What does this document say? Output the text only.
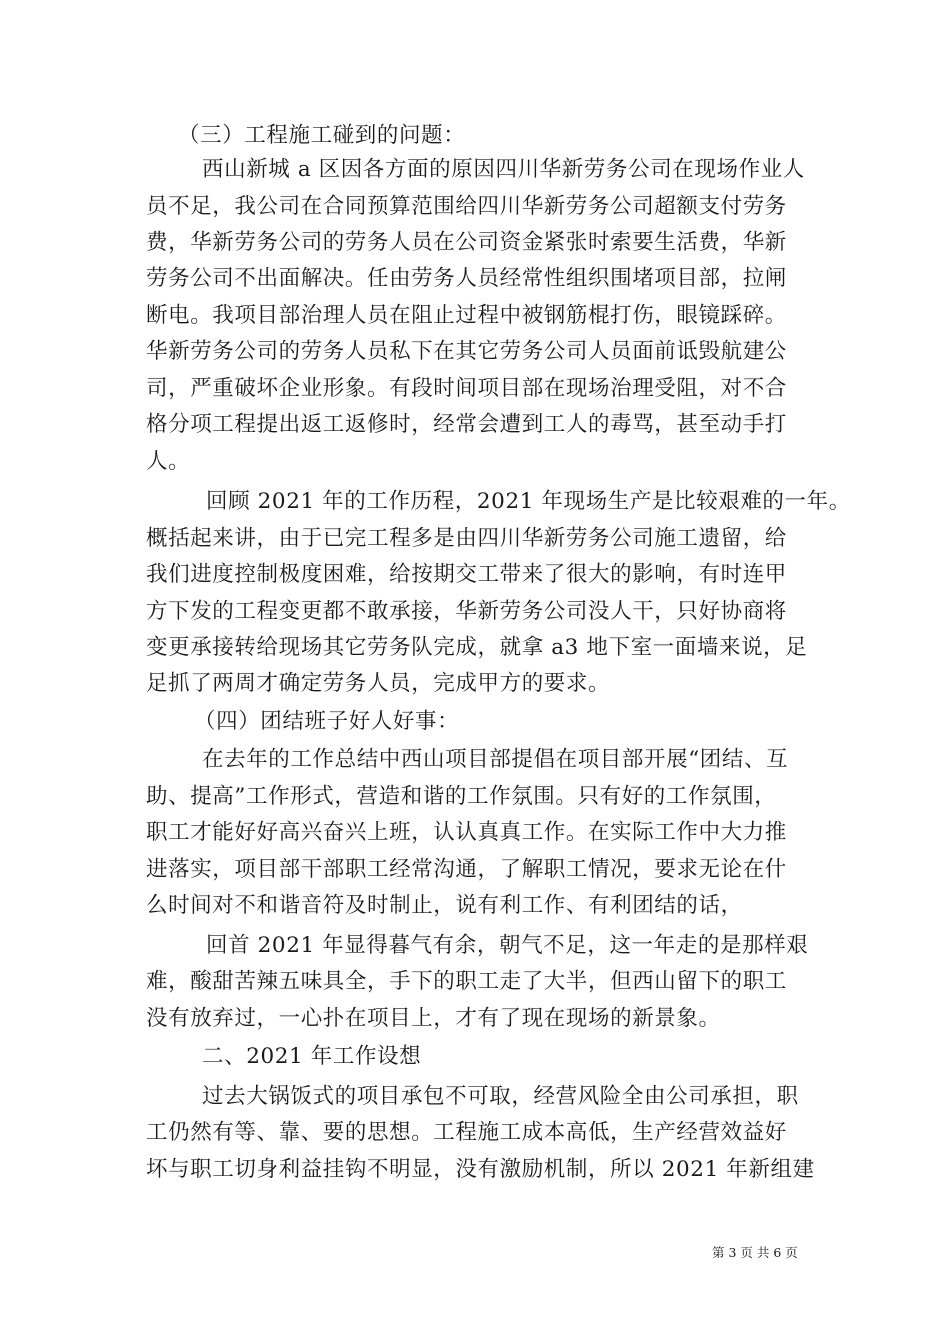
（三）工程施工碰到的问题：
西山新城 a 区因各方面的原因四川华新劳务公司在现场作业人
员不足，我公司在合同预算范围给四川华新劳务公司超额支付劳务
费，华新劳务公司的劳务人员在公司资金紧张时索要生活费，华新
劳务公司不出面解决。任由劳务人员经常性组织围堵项目部，拉闸
断电。我项目部治理人员在阻止过程中被钢筋棍打伤，眼镜踩碎。
华新劳务公司的劳务人员私下在其它劳务公司人员面前诋毁航建公
司，严重破坏企业形象。有段时间项目部在现场治理受阻，对不合
格分项工程提出返工返修时，经常会遭到工人的毒骂，甚至动手打
人。
回顾 2021 年的工作历程，2021 年现场生产是比较艰难的一年。
概括起来讲，由于已完工程多是由四川华新劳务公司施工遗留，给
我们进度控制极度困难，给按期交工带来了很大的影响，有时连甲
方下发的工程变更都不敢承接，华新劳务公司没人干，只好协商将
变更承接转给现场其它劳务队完成，就拿 a3 地下室一面墙来说，足
足抓了两周才确定劳务人员，完成甲方的要求。
（四）团结班子好人好事：
在去年的工作总结中西山项目部提倡在项目部开展“团结、互
助、提高”工作形式，营造和谐的工作氛围。只有好的工作氛围，
职工才能好好高兴奋兴上班，认认真真工作。在实际工作中大力推
进落实，项目部干部职工经常沟通，了解职工情况，要求无论在什
么时间对不和谐音符及时制止，说有利工作、有利团结的话，
回首 2021 年显得暮气有余，朝气不足，这一年走的是那样艰
难，酸甜苦辣五味具全，手下的职工走了大半，但西山留下的职工
没有放弃过，一心扑在项目上，才有了现在现场的新景象。
二、2021 年工作设想
过去大锅饭式的项目承包不可取，经营风险全由公司承担，职
工仍然有等、靠、要的思想。工程施工成本高低，生产经营效益好
坏与职工切身利益挂钩不明显，没有激励机制，所以 2021 年新组建
第 3 页 共 6 页
